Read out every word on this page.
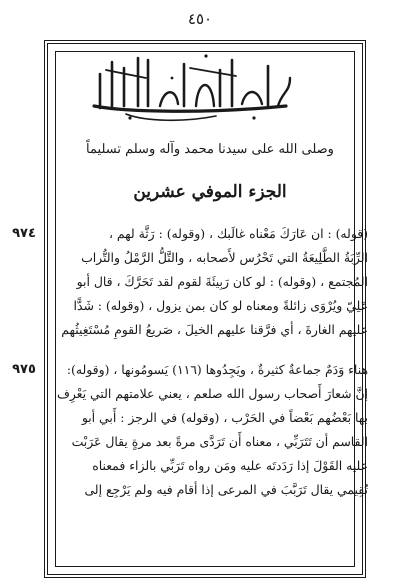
٤٥٠
وصلى الله على سيدنا محمد وآله وسلم تسليماً
الجزء الموفي عشرين
(قوله) : ان عَارَكَ مَعْناه غالَبك ، (وقوله) : رَثَّة لهم ،
الرِّبَةُ الطَّلِيعَةُ التي تَحْرُس لأَصحابه ، والتَّلُّ الرَّمْلُ والتُّراب
المُجتمع ، (وقوله) : لو كان رَبِيئَةَ لقوم لقد تَحَرَّكَ ، قال أبو
عَلِيّ ويُرْوَى زائلةً ومعناه لو كان بمن يزول ، (وقوله) : شَدًّا
عليهم الغارةَ ، أي فرَّقنا عليهم الخيلَ ، صَريعُ القومِ مُسْتَغِيثُهم
هناء وَدَمٌ جماعةٌ كثيرةٌ ، ويَجِدُوها (١١٦) يَسومُونها ، (وقوله):
إنَّ شعارَ أَصحاب رسول الله صلعم ، يعني علامتهم التي يَعْرِف
بها بَعْضُهم بَعْضاً في الحَرْب ، (وقوله) في الرجز : أَبي أبو
القاسم أن تَتَرَبِّي ، معناه أَن تَرَدَّى مرةً بعد مرةٍ يقال عَرَبْت
عليه القَوْلَ إذا رَدَدتَه عليه ومَن رواه تَرَبِّي بالزاء فمعناه
تُقِيمي يقال تَرَبَّبَ في المرعى إذا أقام فيه ولم يَرْجِع إلى
٩٧٤
٩٧٥
